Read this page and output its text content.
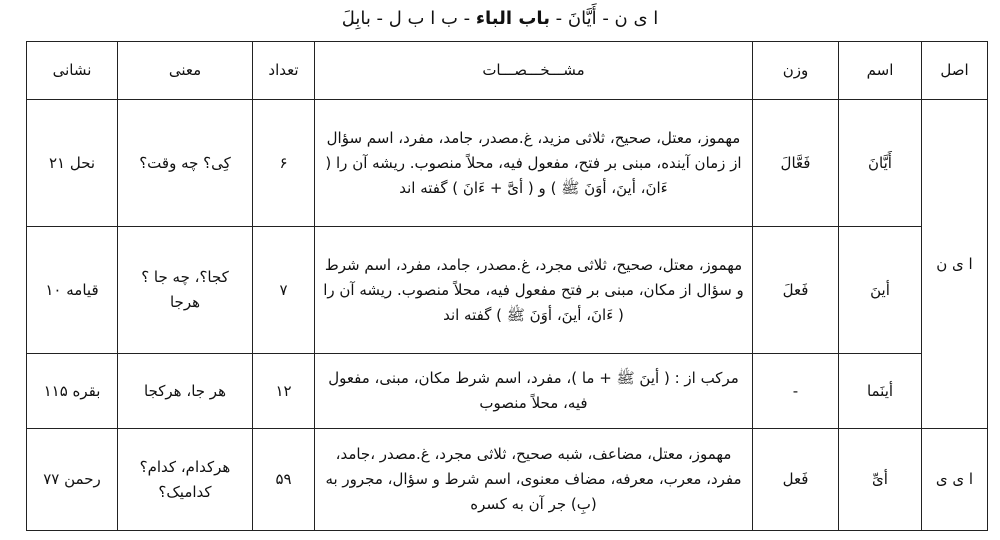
ا ى ن - أَيَّانَ - باب الباء - ب ا ب ل - بابِلَ
اصل	اسم	وزن	مشـــخـــصـــات	تعداد	معنى	نشانى
ا ى ن	أَيَّانَ	فَعَّالَ	مهموز، معتل، صحيح، ثلاثى مزيد، غ.مصدر، جامد، مفرد، اسم سؤال از زمان آينده، مبنى بر فتح، مفعول فيه، محلاً منصوب. ريشه آن را ( ءَانَ، أينَ، أوَنَ ﷺ ) و ( أىَّ + ءَانَ ) گفته اند	۶	كِى؟ چه وقت؟	نحل ۲۱
	أينَ	فَعلَ	مهموز، معتل، صحيح، ثلاثى مجرد، غ.مصدر، جامد، مفرد، اسم شرط و سؤال از مكان، مبنى بر فتح مفعول فيه، محلاً منصوب. ريشه آن را ( ءَانَ، أينَ، أوَنَ ﷺ ) گفته اند	۷	كجا؟، چه جا ؟ هرجا	قيامه ۱۰
	أينَما	-	مركب از : ( أينَ ﷺ + ما )، مفرد، اسم شرط مكان، مبنى، مفعول فيه، محلاً منصوب	۱۲	هر جا، هركجا	بقره ۱۱۵
ا ى ى	أىِّ	فَعل	مهموز، معتل، مضاعف، شبه صحيح، ثلاثى مجرد، غ.مصدر ،جامد، مفرد، معرب، معرفه، مضاف معنوى، اسم شرط و سؤال، مجرور به (بِ) جر آن به كسره	۵۹	هركدام، كدام؟ كداميک؟	رحمن ۷۷
